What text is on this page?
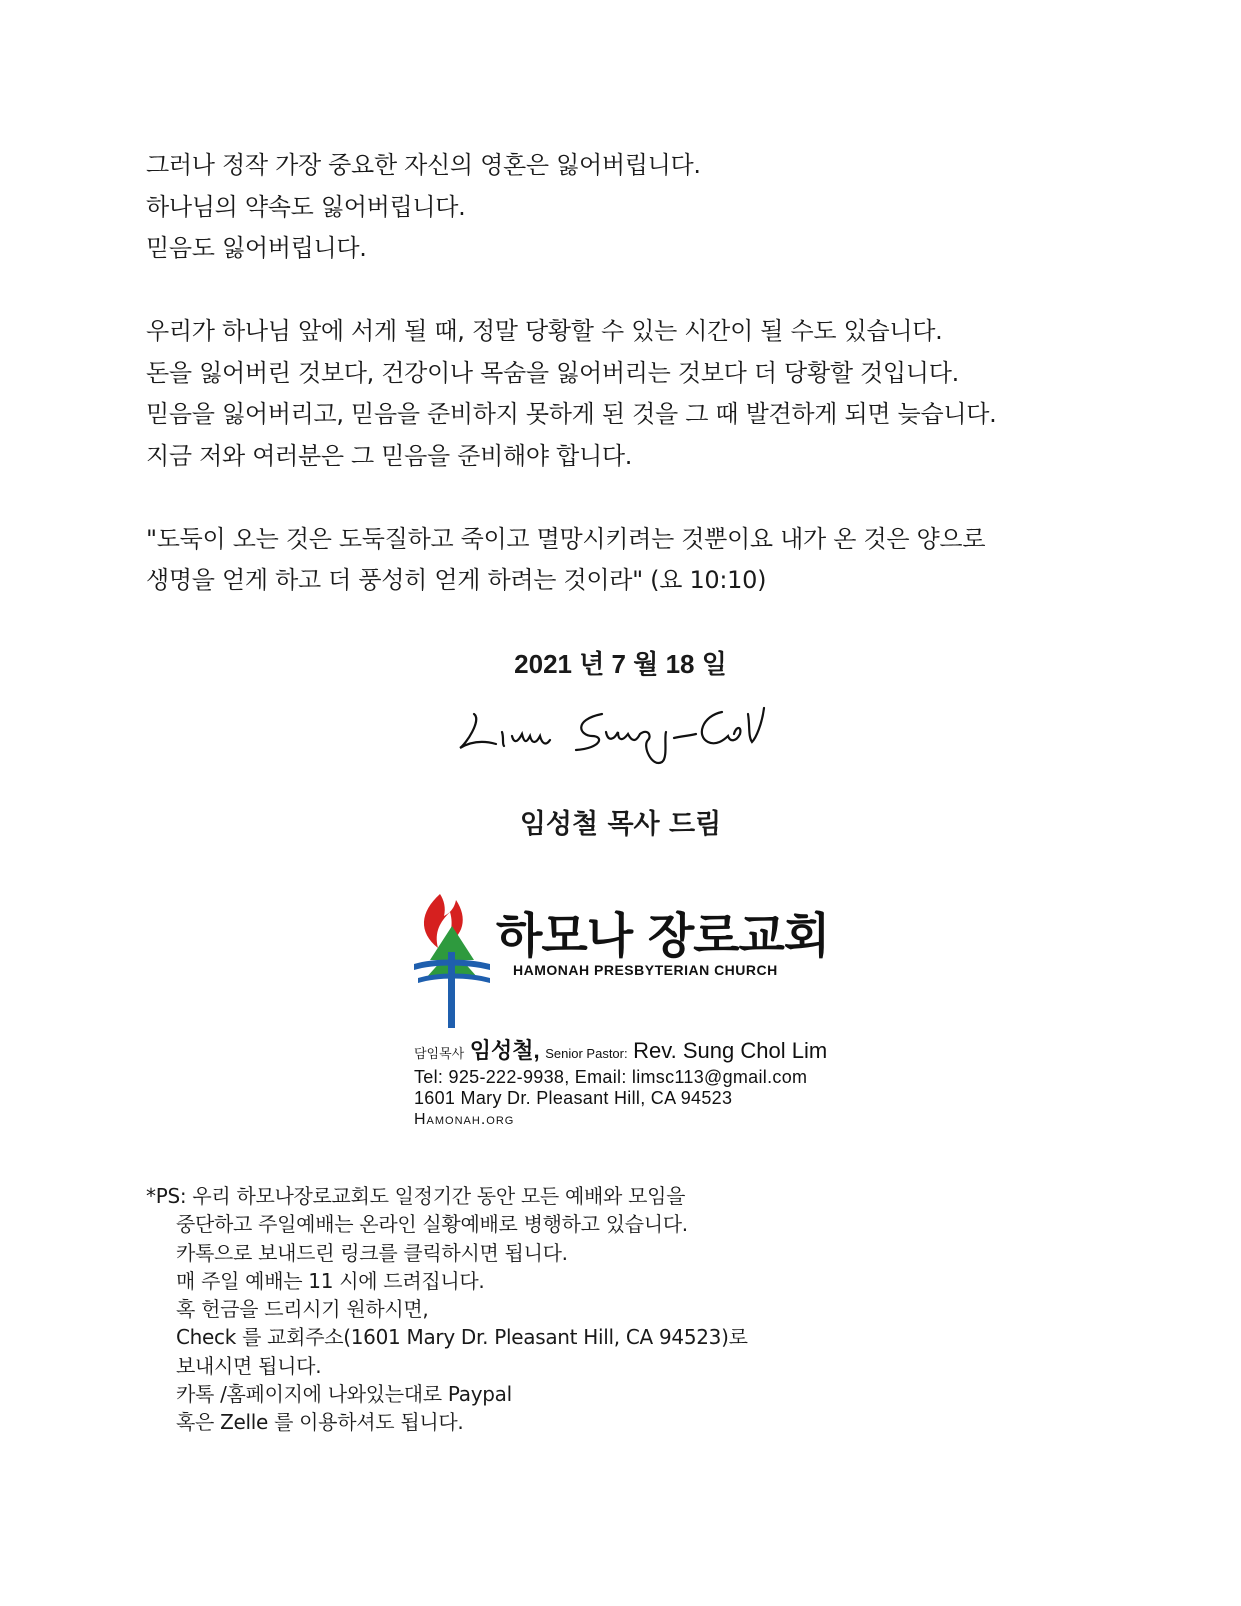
그러나 정작 가장 중요한 자신의 영혼은 잃어버립니다.

하나님의 약속도 잃어버립니다.

믿음도 잃어버립니다.

우리가 하나님 앞에 서게 될 때, 정말 당황할 수 있는 시간이 될 수도 있습니다.

돈을 잃어버린 것보다, 건강이나 목숨을 잃어버리는 것보다 더 당황할 것입니다.

믿음을 잃어버리고, 믿음을 준비하지 못하게 된 것을 그 때 발견하게 되면 늦습니다.

지금 저와 여러분은 그 믿음을 준비해야 합니다.

"도둑이 오는 것은 도둑질하고 죽이고 멸망시키려는 것뿐이요 내가 온 것은 양으로

생명을 얻게 하고 더 풍성히 얻게 하려는 것이라" (요 10:10)

2021 년 7 월 18 일
임성철 목사 드림
하모나 장로교회
HAMONAH PRESBYTERIAN CHURCH
담임목사 임성철, Senior Pastor: Rev. Sung Chol Lim
Tel: 925-222-9938, Email: limsc113@gmail.com
1601 Mary Dr. Pleasant Hill, CA 94523
Hamonah.org

*PS: 우리 하모나장로교회도 일정기간 동안 모든 예배와 모임을

중단하고 주일예배는 온라인 실황예배로 병행하고 있습니다.

카톡으로 보내드린 링크를 클릭하시면 됩니다.

매 주일 예배는 11 시에 드려집니다.

혹 헌금을 드리시기 원하시면,

Check 를 교회주소(1601 Mary Dr. Pleasant Hill, CA 94523)로

보내시면 됩니다.

카톡 /홈페이지에 나와있는대로 Paypal

혹은 Zelle 를 이용하셔도 됩니다.
